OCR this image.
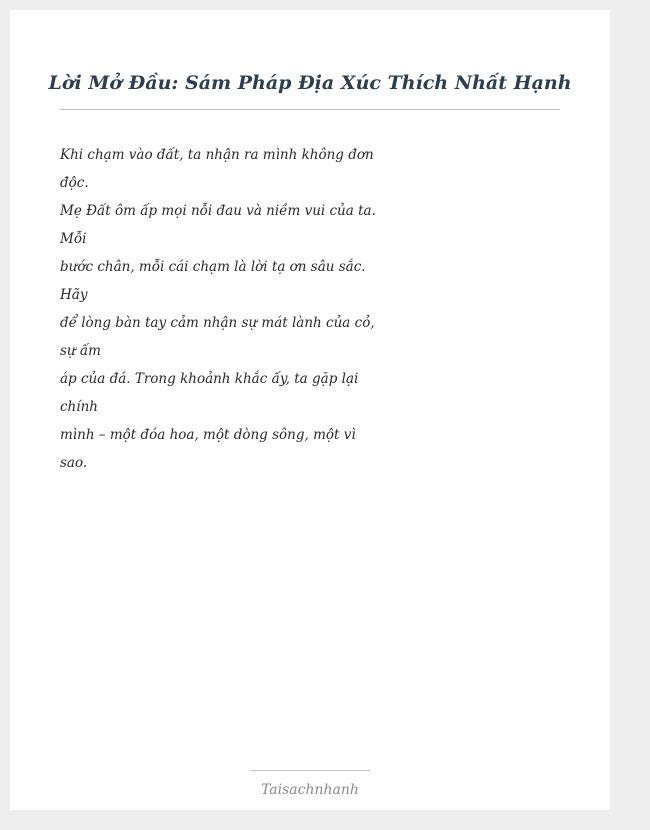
Lời Mở Đầu: Sám Pháp Địa Xúc Thích Nhất Hạnh
Khi chạm vào đất, ta nhận ra mình không đơn
độc.
Mẹ Đất ôm ấp mọi nỗi đau và niềm vui của ta.
Mỗi
bước chân, mỗi cái chạm là lời tạ ơn sâu sắc.
Hãy
để lòng bàn tay cảm nhận sự mát lành của cỏ,
sự ấm
áp của đá. Trong khoảnh khắc ấy, ta gặp lại
chính
mình – một đóa hoa, một dòng sông, một vì
sao.
Taisachnhanh
